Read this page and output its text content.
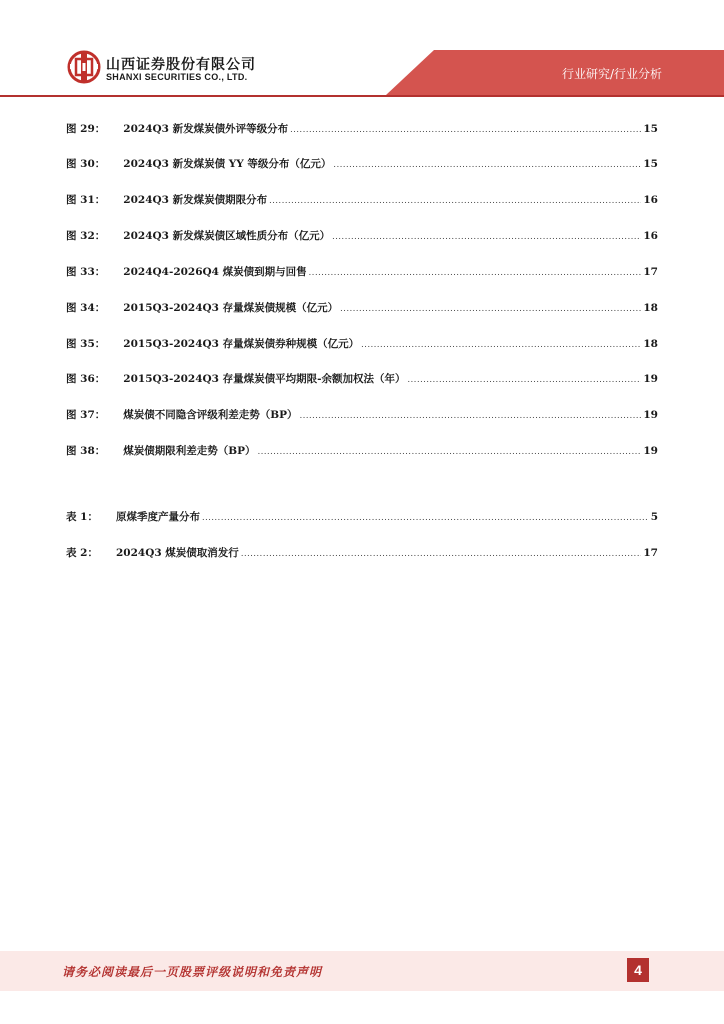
山西证券股份有限公司
SHANXI SECURITIES CO., LTD.	行业研究/行业分析
图 29： 2024Q3 新发煤炭债外评等级分布 .....	15
图 30： 2024Q3 新发煤炭债 YY 等级分布（亿元） .....	15
图 31： 2024Q3 新发煤炭债期限分布 .....	16
图 32： 2024Q3 新发煤炭债区域性质分布（亿元） .....	16
图 33： 2024Q4-2026Q4 煤炭债到期与回售 .....	17
图 34： 2015Q3-2024Q3 存量煤炭债规模（亿元） .....	18
图 35： 2015Q3-2024Q3 存量煤炭债券种规模（亿元） .....	18
图 36： 2015Q3-2024Q3 存量煤炭债平均期限-余额加权法（年） .....	19
图 37： 煤炭债不同隐含评级利差走势（BP） .....	19
图 38： 煤炭债期限利差走势（BP） .....	19
表 1： 原煤季度产量分布 .....	5
表 2： 2024Q3 煤炭债取消发行 .....	17
请务必阅读最后一页股票评级说明和免责声明	4
